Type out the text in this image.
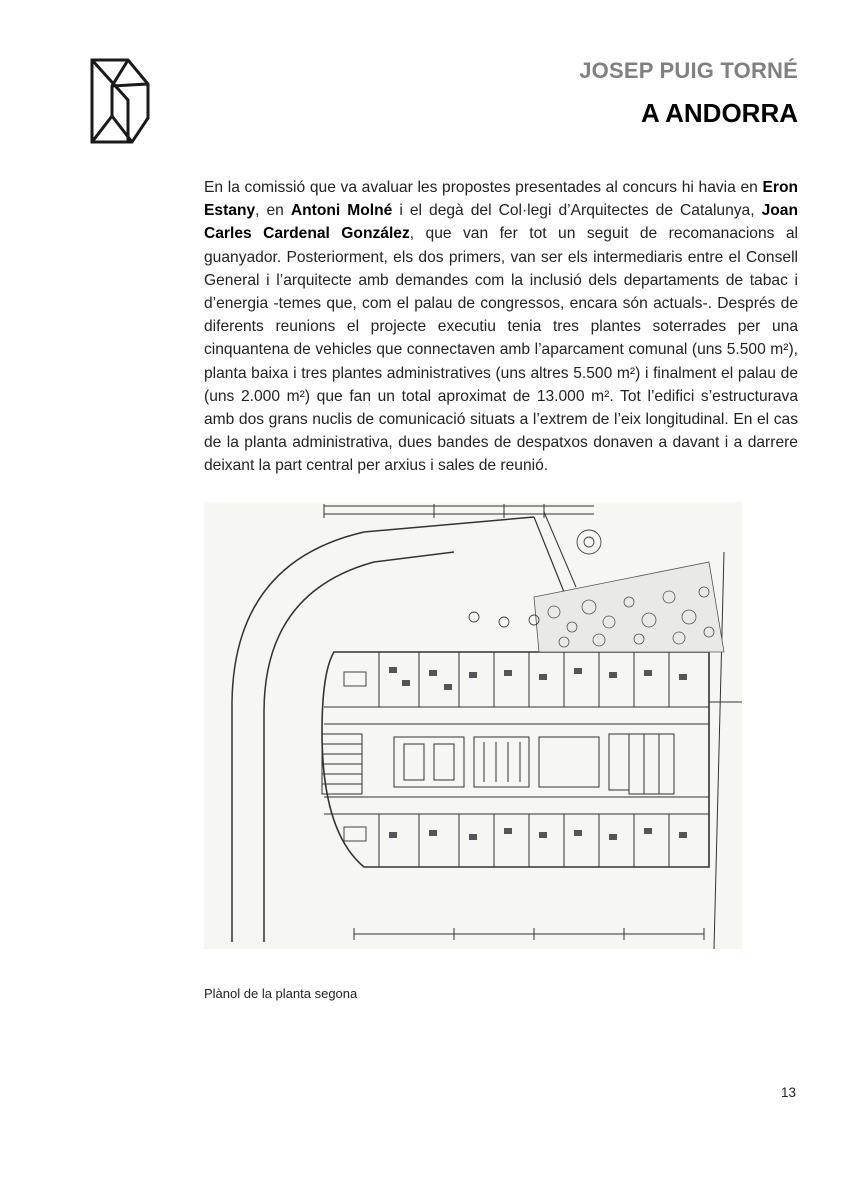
JOSEP PUIG TORNÉ
A ANDORRA
En la comissió que va avaluar les propostes presentades al concurs hi havia en Eron Estany, en Antoni Molné i el degà del Col·legi d’Arquitectes de Catalunya, Joan Carles Cardenal González, que van fer tot un seguit de recomanacions al guanyador. Posteriorment, els dos primers, van ser els intermediaris entre el Consell General i l’arquitecte amb demandes com la inclusió dels departaments de tabac i d’energia -temes que, com el palau de congressos, encara són actuals-. Després de diferents reunions el projecte executiu tenia tres plantes soterrades per una cinquantena de vehicles que connectaven amb l’aparcament comunal (uns 5.500 m²), planta baixa i tres plantes administratives (uns altres 5.500 m²) i finalment el palau de (uns 2.000 m²) que fan un total aproximat de 13.000 m². Tot l’edifici s’estructurava amb dos grans nuclis de comunicació situats a l’extrem de l’eix longitudinal. En el cas de la planta administrativa, dues bandes de despatxos donaven a davant i a darrere deixant la part central per arxius i sales de reunió.
Plànol de la planta segona
13
